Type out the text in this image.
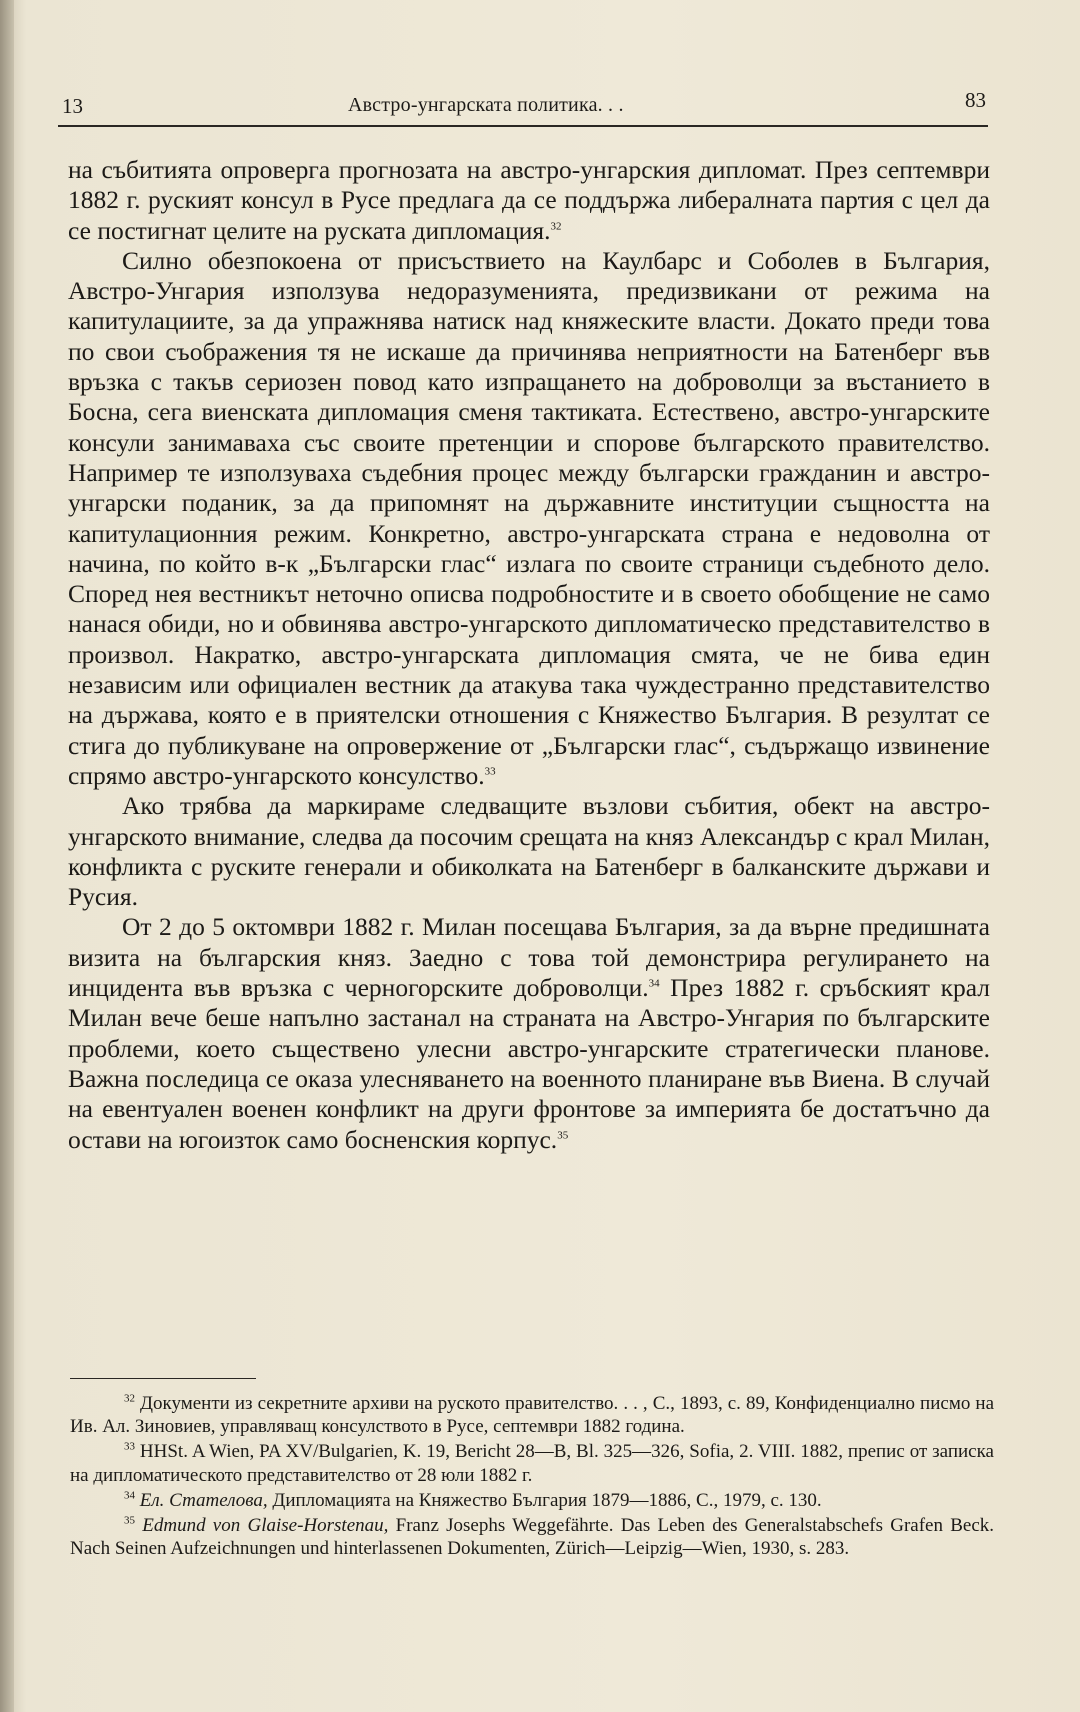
13	Австро-унгарската политика. . .	83

на събитията опроверга прогнозата на австро-унгарския дипломат. През септември 1882 г. руският консул в Русе предлага да се поддържа либералната партия с цел да се постигнат целите на руската дипломация.$^{32}$

Силно обезпокоена от присъствието на Каулбарс и Соболев в България, Австро-Унгария използува недоразуменията, предизвикани от режима на капитулациите, за да упражнява натиск над княжеските власти. Докато преди това по свои съображения тя не искаше да причинява неприятности на Батенберг във връзка с такъв сериозен повод като изпращането на доброволци за въстанието в Босна, сега виенската дипломация сменя тактиката. Естествено, австро-унгарските консули занимаваха със своите претенции и спорове българското правителство. Например те използуваха съдебния процес между български гражданин и австро-унгарски поданик, за да припомнят на държавните институции същността на капитулационния режим. Конкретно, австро-унгарската страна е недоволна от начина, по който в-к „Български глас“ излага по своите страници съдебното дело. Според нея вестникът неточно описва подробностите и в своето обобщение не само нанася обиди, но и обвинява австро-унгарското дипломатическо представителство в произвол. Накратко, австро-унгарската дипломация смята, че не бива един независим или официален вестник да атакува така чуждестранно представителство на държава, която е в приятелски отношения с Княжество България. В резултат се стига до публикуване на опровержение от „Български глас“, съдържащо извинение спрямо австро-унгарското консулство.$^{33}$

Ако трябва да маркираме следващите възлови събития, обект на австро-унгарското внимание, следва да посочим срещата на княз Александър с крал Милан, конфликта с руските генерали и обиколката на Батенберг в балканските държави и Русия.

От 2 до 5 октомври 1882 г. Милан посещава България, за да върне предишната визита на българския княз. Заедно с това той демонстрира регулирането на инцидента във връзка с черногорските доброволци.$^{34}$ През 1882 г. сръбският крал Милан вече беше напълно застанал на страната на Австро-Унгария по българските проблеми, което съществено улесни австро-унгарските стратегически планове. Важна последица се оказа улесняването на военното планиране във Виена. В случай на евентуален военен конфликт на други фронтове за империята бе достатъчно да остави на югоизток само босненския корпус.$^{35}$

$^{32}$ Документи из секретните архиви на руското правителство. . . , С., 1893, с. 89, Конфиденциално писмо на Ив. Ал. Зиновиев, управляващ консулството в Русе, септември 1882 година.

$^{33}$ HHSt. A Wien, PA XV/Bulgarien, K. 19, Bericht 28—B, Bl. 325—326, Sofia, 2. VIII. 1882, препис от записка на дипломатическото представителство от 28 юли 1882 г.

$^{34}$ Ел. Стателова, Дипломацията на Княжество България 1879—1886, С., 1979, с. 130.

$^{35}$ Edmund von Glaise-Horstenau, Franz Josephs Weggefährte. Das Leben des Generalstabschefs Grafen Beck. Nach Seinen Aufzeichnungen und hinterlassenen Dokumenten, Zürich—Leipzig—Wien, 1930, s. 283.
